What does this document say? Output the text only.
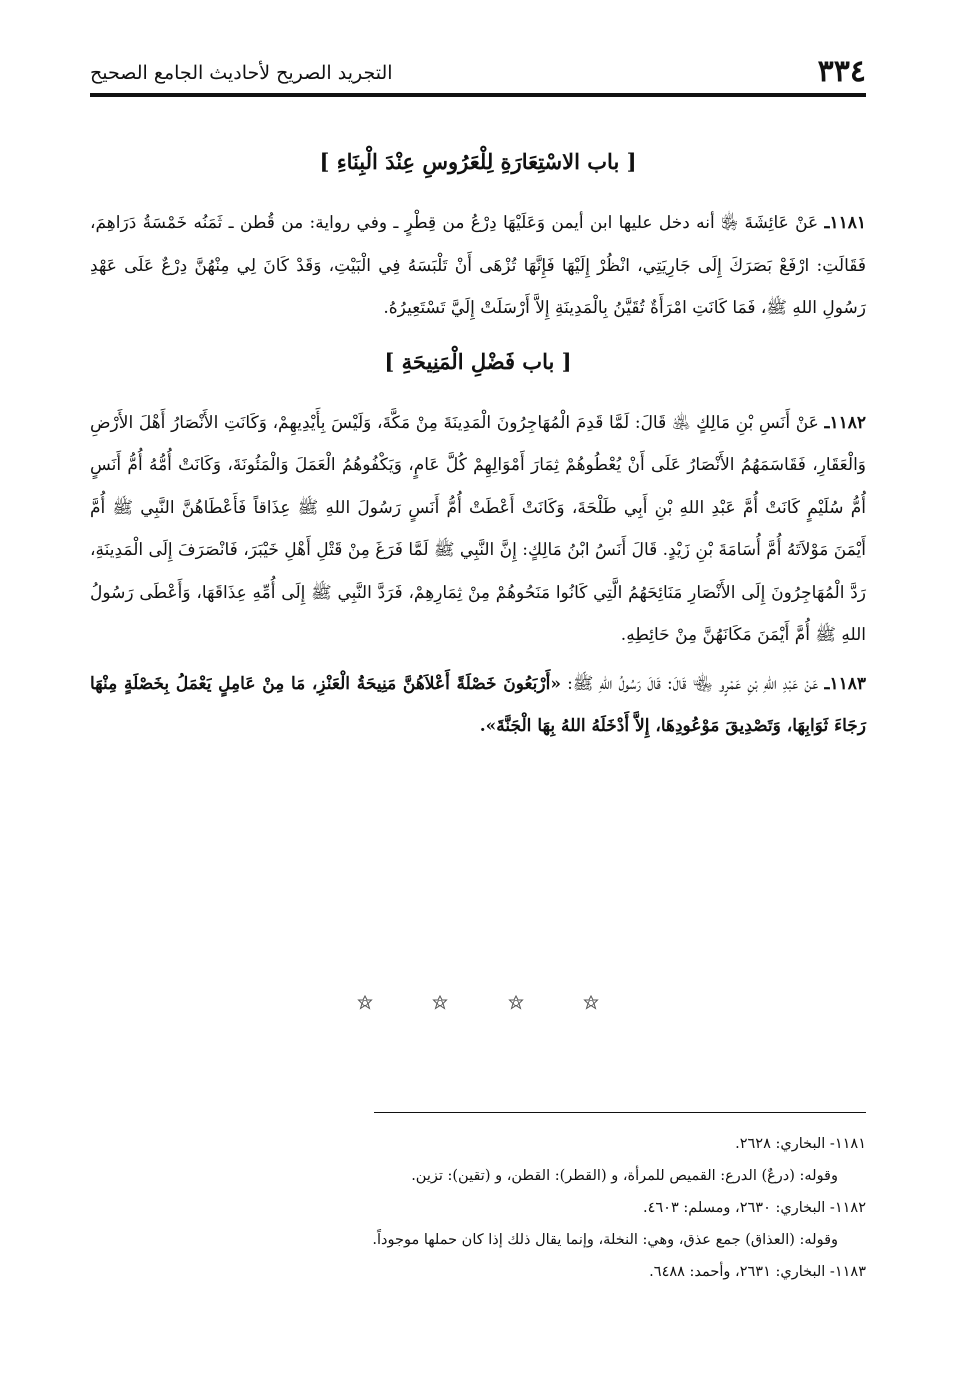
٣٣٤
التجريد الصريح لأحاديث الجامع الصحيح
[ باب الاسْتِعَارَةِ لِلْعَرُوسِ عِنْدَ الْبِنَاءِ ]

١١٨١ـ عَنْ عَائِشَةَ ﵂ أنه دخل عليها ابن أيمن وَعَلَيْهَا دِرْعُ من قِطْرٍ ـ وفي رواية: من قُطن ـ ثَمَنُه خَمْسَةُ دَرَاهِمَ، فَقَالَتِ: ارْفَعْ بَصَرَكَ إِلَى جَارِيَتِي، انْظُرْ إِلَيْهَا فَإِنَّهَا تُزْهَى أَنْ تَلْبَسَهُ فِي الْبَيْتِ، وَقَدْ كَانَ لِي مِنْهُنَّ دِرْعٌ عَلَى عَهْدِ رَسُولِ اللهِ ﷺ، فَمَا كَانَتِ امْرَأَةٌ تُقَيَّنُ بِالْمَدِينَةِ إِلاَّ أَرْسَلَتْ إِلَيَّ تَسْتَعِيرُهُ.

[ باب فَضْلِ الْمَنِيحَةِ ]

١١٨٢ـ عَنْ أَنَسِ بْنِ مَالِكٍ ﵁ قَالَ: لَمَّا قَدِمَ الْمُهَاجِرُونَ الْمَدِينَةَ مِنْ مَكَّةَ، وَلَيْسَ بِأَيْدِيهِمْ، وَكَانَتِ الأَنْصَارُ أَهْلَ الأَرْضِ وَالْعَقَارِ، فَقَاسَمَهُمُ الأَنْصَارُ عَلَى أَنْ يُعْطُوهُمْ ثِمَارَ أَمْوَالِهِمْ كُلَّ عَامٍ، وَيَكْفُوهُمُ الْعَمَلَ وَالْمَئُونَةَ، وَكَانَتْ أُمُّهُ أُمُّ أَنَسٍ أُمُّ سُلَيْمٍ كَانَتْ أُمَّ عَبْدِ اللهِ بْنِ أَبِي طَلْحَةَ، وَكَانَتْ أَعْطَتْ أُمُّ أَنَسٍ رَسُولَ اللهِ ﷺ عِذَاقاً فَأَعْطَاهُنَّ النَّبِي ﷺ أُمَّ أَيْمَنَ مَوْلاَتَهُ أُمَّ أُسَامَةَ بْنِ زَيْدٍ. قَالَ أَنَسُ ابْنُ مَالِكٍ: إِنَّ النَّبِي ﷺ لَمَّا فَرَغَ مِنْ قَتْلِ أَهْلِ خَيْبَرَ، فَانْصَرَفَ إِلَى الْمَدِينَةِ، رَدَّ الْمُهَاجِرُونَ إِلَى الأَنْصَارِ مَنَائِحَهُمُ الَّتِي كَانُوا مَنَحُوهُمْ مِنْ ثِمَارِهِمْ، فَرَدَّ النَّبِي ﷺ إِلَى أُمِّهِ عِذَاقَهَا، وَأَعْطَى رَسُولُ اللهِ ﷺ أُمَّ أَيْمَنَ مَكَانَهُنَّ مِنْ حَائِطِهِ.

١١٨٣ـ عَنْ عَبْدِ اللهِ بْنِ عَمْرٍو ﵄ قَالَ: قَالَ رَسُولُ اللهِ ﷺ: «أَرْبَعُونَ خَصْلَةً أَعْلاَهُنَّ مَنِيحَةُ الْعَنْزِ، مَا مِنْ عَامِلٍ يَعْمَلُ بِخَصْلَةٍ مِنْهَا رَجَاءَ ثَوَابِهَا، وَتَصْدِيقَ مَوْعُودِهَا، إِلاَّ أَدْخَلَهُ اللهُ بِهَا الْجَنَّةَ».

١١٨١- البخاري: ٢٦٢٨.
وقوله: (درعٌ) الدرع: القميص للمرأة، و (القطر): القطن، و (تقين): تزين.
١١٨٢- البخاري: ٢٦٣٠، ومسلم: ٤٦٠٣.
وقوله: (العذاق) جمع عذق، وهي: النخلة، وإنما يقال ذلك إذا كان حملها موجوداً.
١١٨٣- البخاري: ٢٦٣١، وأحمد: ٦٤٨٨.
